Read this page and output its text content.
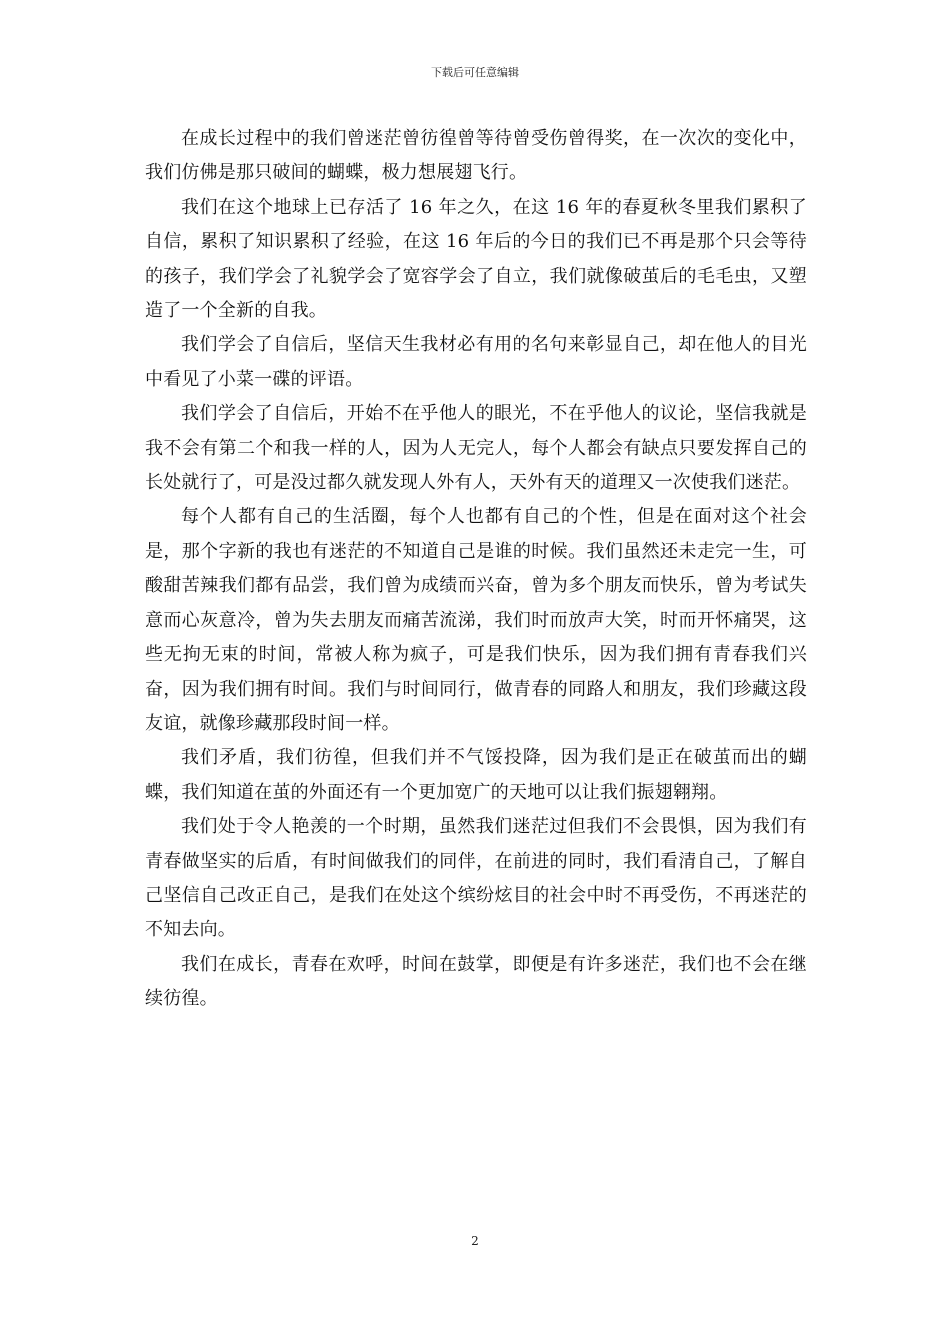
下载后可任意编辑

在成长过程中的我们曾迷茫曾彷徨曾等待曾受伤曾得奖，在一次次的变化中，我们仿佛是那只破间的蝴蝶，极力想展翅飞行。

我们在这个地球上已存活了 16 年之久，在这 16 年的春夏秋冬里我们累积了自信，累积了知识累积了经验，在这 16 年后的今日的我们已不再是那个只会等待的孩子，我们学会了礼貌学会了宽容学会了自立，我们就像破茧后的毛毛虫，又塑造了一个全新的自我。

我们学会了自信后，坚信天生我材必有用的名句来彰显自己，却在他人的目光中看见了小菜一碟的评语。

我们学会了自信后，开始不在乎他人的眼光，不在乎他人的议论，坚信我就是我不会有第二个和我一样的人，因为人无完人，每个人都会有缺点只要发挥自己的长处就行了，可是没过都久就发现人外有人，天外有天的道理又一次使我们迷茫。

每个人都有自己的生活圈，每个人也都有自己的个性，但是在面对这个社会是，那个字新的我也有迷茫的不知道自己是谁的时候。我们虽然还未走完一生，可酸甜苦辣我们都有品尝，我们曾为成绩而兴奋，曾为多个朋友而快乐，曾为考试失意而心灰意冷，曾为失去朋友而痛苦流涕，我们时而放声大笑，时而开怀痛哭，这些无拘无束的时间，常被人称为疯子，可是我们快乐，因为我们拥有青春我们兴奋，因为我们拥有时间。我们与时间同行，做青春的同路人和朋友，我们珍藏这段友谊，就像珍藏那段时间一样。

我们矛盾，我们彷徨，但我们并不气馁投降，因为我们是正在破茧而出的蝴蝶，我们知道在茧的外面还有一个更加宽广的天地可以让我们振翅翱翔。

我们处于令人艳羡的一个时期，虽然我们迷茫过但我们不会畏惧，因为我们有青春做坚实的后盾，有时间做我们的同伴，在前进的同时，我们看清自己，了解自己坚信自己改正自己，是我们在处这个缤纷炫目的社会中时不再受伤，不再迷茫的不知去向。

我们在成长，青春在欢呼，时间在鼓掌，即便是有许多迷茫，我们也不会在继续彷徨。

2
